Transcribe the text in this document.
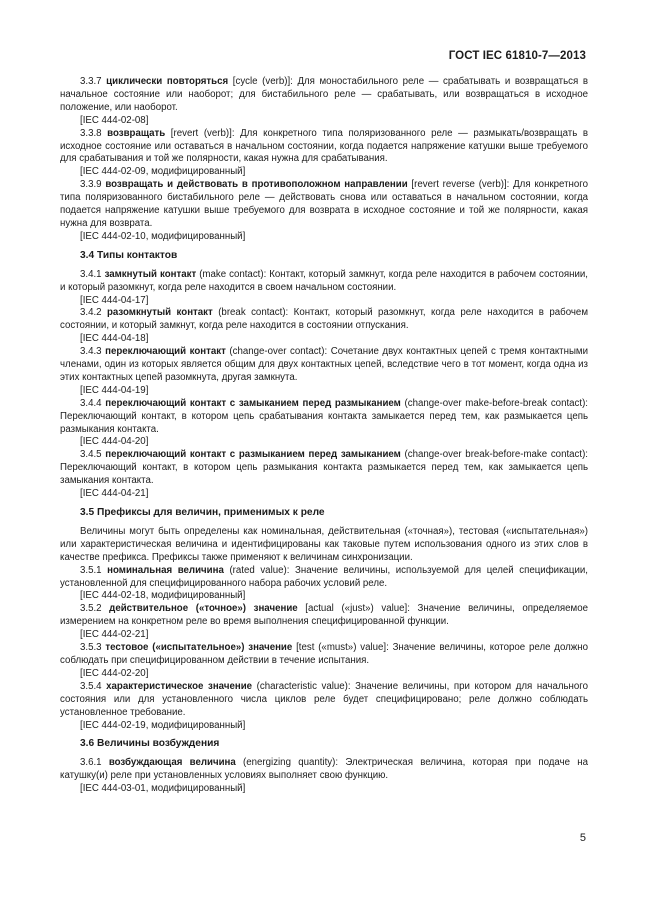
ГОСТ IEC 61810-7—2013

3.3.7 циклически повторяться [cycle (verb)]: Для моностабильного реле — срабатывать и возвращаться в начальное состояние или наоборот; для бистабильного реле — срабатывать, или возвращаться в исходное положение, или наоборот.

[IEC 444-02-08]

3.3.8 возвращать [revert (verb)]: Для конкретного типа поляризованного реле — размыкать/возвращать в исходное состояние или оставаться в начальном состоянии, когда подается напряжение катушки выше требуемого для срабатывания и той же полярности, какая нужна для срабатывания.

[IEC 444-02-09, модифицированный]

3.3.9 возвращать и действовать в противоположном направлении [revert reverse (verb)]: Для конкретного типа поляризованного бистабильного реле — действовать снова или оставаться в начальном состоянии, когда подается напряжение катушки выше требуемого для возврата в исходное состояние и той же полярности, какая нужна для возврата.

[IEC 444-02-10, модифицированный]

3.4 Типы контактов

3.4.1 замкнутый контакт (make contact): Контакт, который замкнут, когда реле находится в рабочем состоянии, и который разомкнут, когда реле находится в своем начальном состоянии.

[IEC 444-04-17]

3.4.2 разомкнутый контакт (break contact): Контакт, который разомкнут, когда реле находится в рабочем состоянии, и который замкнут, когда реле находится в состоянии отпускания.

[IEC 444-04-18]

3.4.3 переключающий контакт (change-over contact): Сочетание двух контактных цепей с тремя контактными членами, один из которых является общим для двух контактных цепей, вследствие чего в тот момент, когда одна из этих контактных цепей разомкнута, другая замкнута.

[IEC 444-04-19]

3.4.4 переключающий контакт с замыканием перед размыканием (change-over make-before-break contact): Переключающий контакт, в котором цепь срабатывания контакта замыкается перед тем, как размыкается цепь размыкания контакта.

[IEC 444-04-20]

3.4.5 переключающий контакт с размыканием перед замыканием (change-over break-before-make contact): Переключающий контакт, в котором цепь размыкания контакта размыкается перед тем, как замыкается цепь замыкания контакта.

[IEC 444-04-21]

3.5 Префиксы для величин, применимых к реле

Величины могут быть определены как номинальная, действительная («точная»), тестовая («испытательная») или характеристическая величина и идентифицированы как таковые путем использования одного из этих слов в качестве префикса. Префиксы также применяют к величинам синхронизации.

3.5.1 номинальная величина (rated value): Значение величины, используемой для целей спецификации, установленной для специфицированного набора рабочих условий реле.

[IEC 444-02-18, модифицированный]

3.5.2 действительное («точное») значение [actual («just») value]: Значение величины, определяемое измерением на конкретном реле во время выполнения специфицированной функции.

[IEC 444-02-21]

3.5.3 тестовое («испытательное») значение [test («must») value]: Значение величины, которое реле должно соблюдать при специфицированном действии в течение испытания.

[IEC 444-02-20]

3.5.4 характеристическое значение (characteristic value): Значение величины, при котором для начального состояния или для установленного числа циклов реле будет специфицировано; реле должно соблюдать установленное требование.

[IEC 444-02-19, модифицированный]

3.6 Величины возбуждения

3.6.1 возбуждающая величина (energizing quantity): Электрическая величина, которая при подаче на катушку(и) реле при установленных условиях выполняет свою функцию.

[IEC 444-03-01, модифицированный]

5
